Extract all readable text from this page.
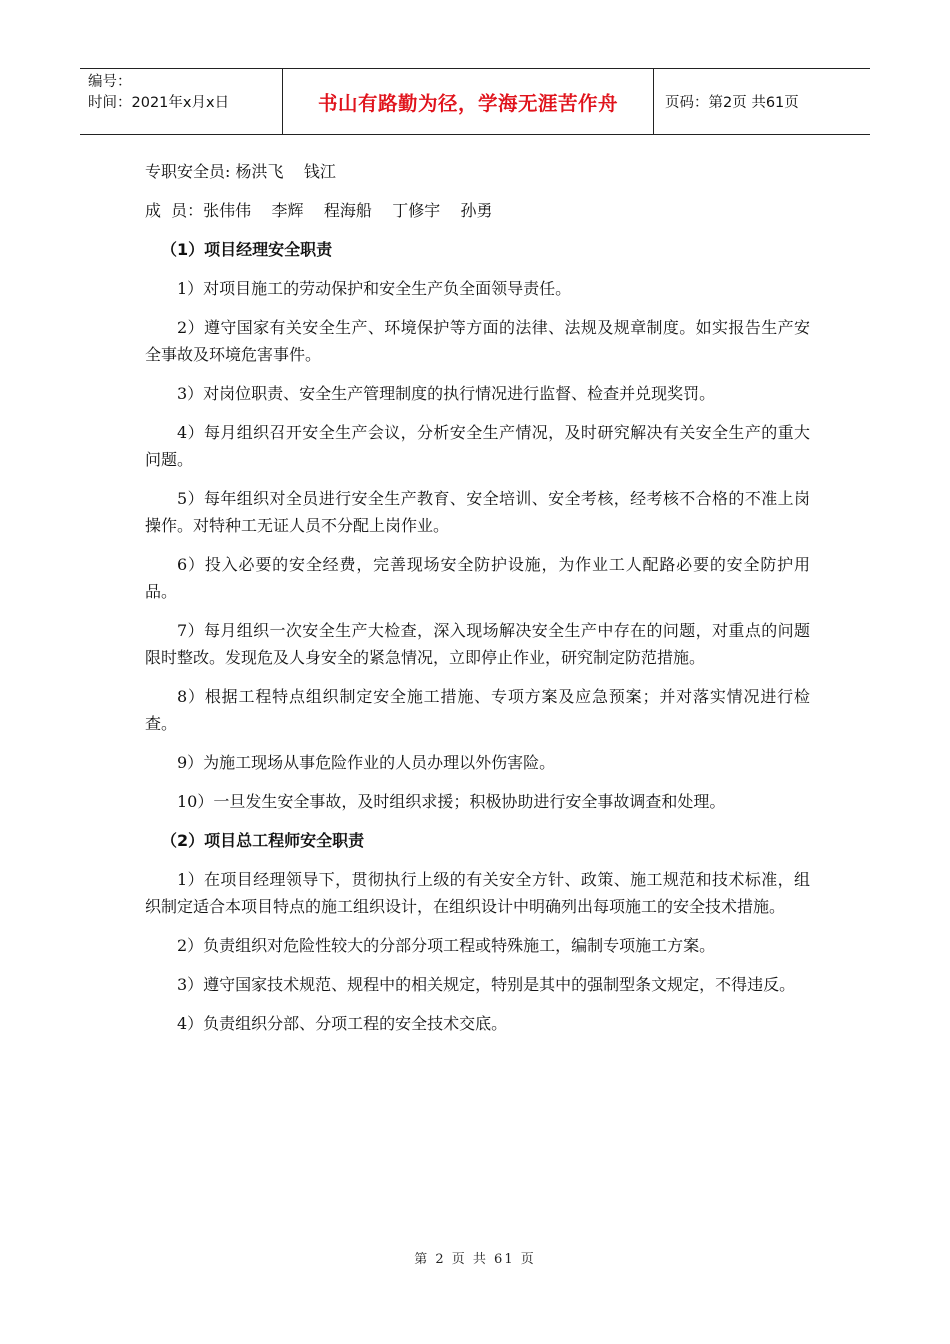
编号：
时间：2021年x月x日	书山有路勤为径，学海无涯苦作舟	页码：第2页 共61页
专职安全员: 杨洪飞    钱江
成  员：张伟伟    李辉    程海船    丁修宇    孙勇
（1）项目经理安全职责
1）对项目施工的劳动保护和安全生产负全面领导责任。
2）遵守国家有关安全生产、环境保护等方面的法律、法规及规章制度。如实报告生产安全事故及环境危害事件。
3）对岗位职责、安全生产管理制度的执行情况进行监督、检查并兑现奖罚。
4）每月组织召开安全生产会议，分析安全生产情况，及时研究解决有关安全生产的重大问题。
5）每年组织对全员进行安全生产教育、安全培训、安全考核，经考核不合格的不准上岗操作。对特种工无证人员不分配上岗作业。
6）投入必要的安全经费，完善现场安全防护设施，为作业工人配路必要的安全防护用品。
7）每月组织一次安全生产大检查，深入现场解决安全生产中存在的问题，对重点的问题限时整改。发现危及人身安全的紧急情况，立即停止作业，研究制定防范措施。
8）根据工程特点组织制定安全施工措施、专项方案及应急预案；并对落实情况进行检查。
9）为施工现场从事危险作业的人员办理以外伤害险。
10）一旦发生安全事故，及时组织求援；积极协助进行安全事故调查和处理。
（2）项目总工程师安全职责
1）在项目经理领导下，贯彻执行上级的有关安全方针、政策、施工规范和技术标准，组织制定适合本项目特点的施工组织设计，在组织设计中明确列出每项施工的安全技术措施。
2）负责组织对危险性较大的分部分项工程或特殊施工，编制专项施工方案。
3）遵守国家技术规范、规程中的相关规定，特别是其中的强制型条文规定，不得违反。
4）负责组织分部、分项工程的安全技术交底。
第 2 页 共 61 页
